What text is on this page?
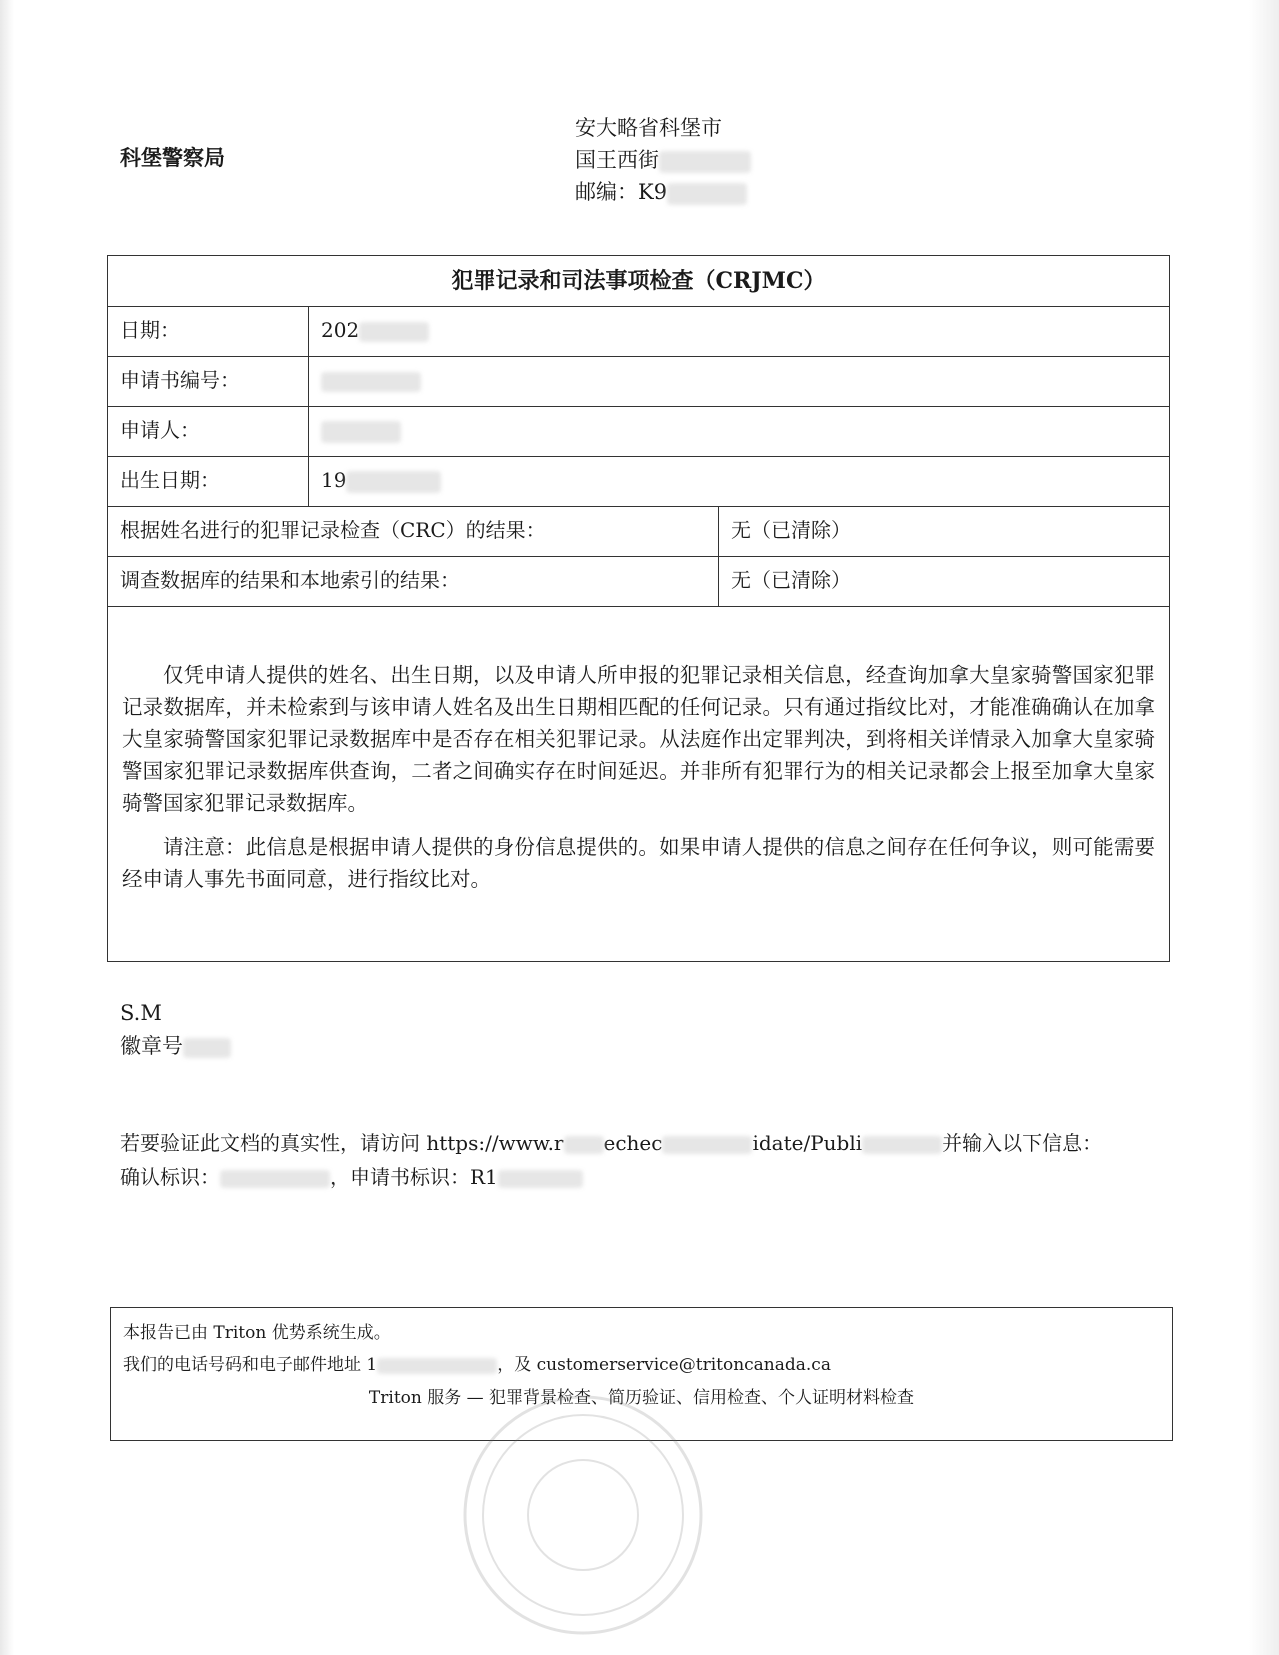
科堡警察局
安大略省科堡市
国王西街
邮编：K9
犯罪记录和司法事项检查（CRJMC）
日期：	202
申请书编号：
申请人：
出生日期：	19
根据姓名进行的犯罪记录检查（CRC）的结果：	无（已清除）
调查数据库的结果和本地索引的结果：	无（已清除）

仅凭申请人提供的姓名、出生日期，以及申请人所申报的犯罪记录相关信息，经查询加拿大皇家骑警国家犯罪记录数据库，并未检索到与该申请人姓名及出生日期相匹配的任何记录。只有通过指纹比对，才能准确确认在加拿大皇家骑警国家犯罪记录数据库中是否存在相关犯罪记录。从法庭作出定罪判决，到将相关详情录入加拿大皇家骑警国家犯罪记录数据库供查询，二者之间确实存在时间延迟。并非所有犯罪行为的相关记录都会上报至加拿大皇家骑警国家犯罪记录数据库。

请注意：此信息是根据申请人提供的身份信息提供的。如果申请人提供的信息之间存在任何争议，则可能需要经申请人事先书面同意，进行指纹比对。

S.M
徽章号
若要验证此文档的真实性，请访问 https://www.r echec	idate/Publi	并输入以下信息：
确认标识：	，申请书标识：R1
本报告已由 Triton 优势系统生成。
我们的电话号码和电子邮件地址 1	，及 customerservice@tritoncanada.ca
Triton 服务 — 犯罪背景检查、简历验证、信用检查、个人证明材料检查
